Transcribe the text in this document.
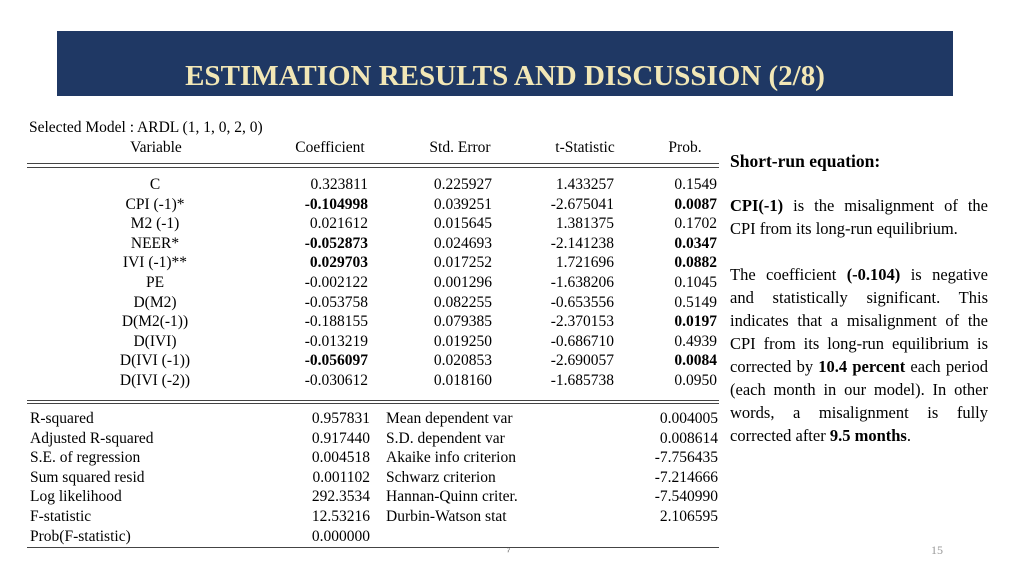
ESTIMATION RESULTS AND DISCUSSION (2/8)
Selected Model : ARDL (1, 1, 0, 2, 0)
Variable	Coefficient	Std. Error	t-Statistic	Prob.
C	0.323811	0.225927	1.433257	0.1549
CPI (-1)*	-0.104998	0.039251	-2.675041	0.0087
M2 (-1)	0.021612	0.015645	1.381375	0.1702
NEER*	-0.052873	0.024693	-2.141238	0.0347
IVI (-1)**	0.029703	0.017252	1.721696	0.0882
PE	-0.002122	0.001296	-1.638206	0.1045
D(M2)	-0.053758	0.082255	-0.653556	0.5149
D(M2(-1))	-0.188155	0.079385	-2.370153	0.0197
D(IVI)	-0.013219	0.019250	-0.686710	0.4939
D(IVI (-1))	-0.056097	0.020853	-2.690057	0.0084
D(IVI (-2))	-0.030612	0.018160	-1.685738	0.0950
R-squared	0.957831 Mean dependent var	0.004005
Adjusted R-squared	0.917440 S.D. dependent var	0.008614
S.E. of regression	0.004518 Akaike info criterion	-7.756435
Sum squared resid	0.001102 Schwarz criterion	-7.214666
Log likelihood	292.3534 Hannan-Quinn criter.	-7.540990
F-statistic	12.53216 Durbin-Watson stat	2.106595
Prob(F-statistic)	0.000000

Short-run equation:

CPI(-1) is the misalignment of the CPI from its long-run equilibrium.

The coefficient (-0.104) is negative and statistically significant. This indicates that a misalignment of the CPI from its long-run equilibrium is corrected by 10.4 percent each period (each month in our model). In other words, a misalignment is fully corrected after 9.5 months.

ˀ	15
